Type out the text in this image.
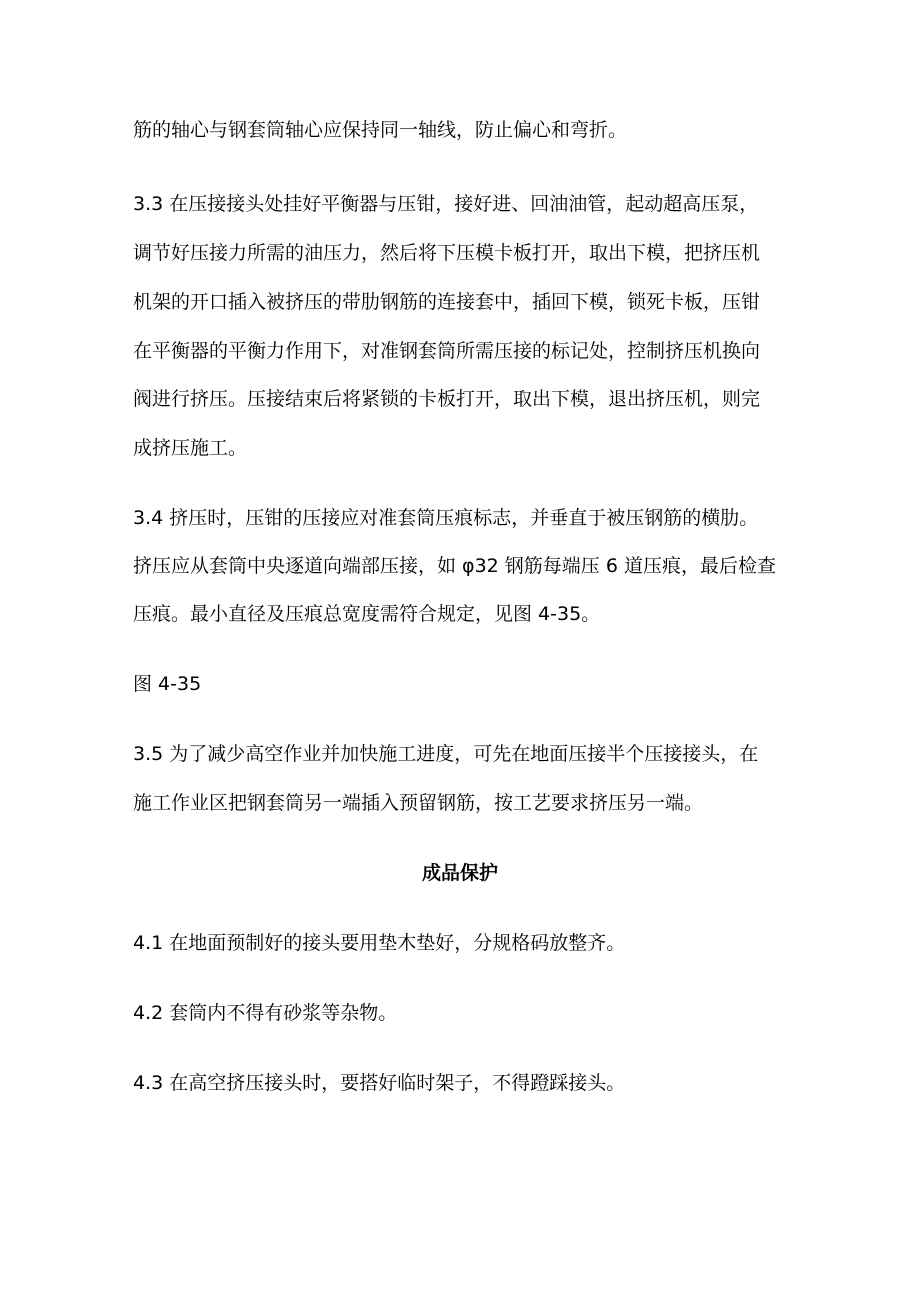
筋的轴心与钢套筒轴心应保持同一轴线，防止偏心和弯折。
3.3 在压接接头处挂好平衡器与压钳，接好进、回油油管，起动超高压泵，
调节好压接力所需的油压力，然后将下压模卡板打开，取出下模，把挤压机
机架的开口插入被挤压的带肋钢筋的连接套中，插回下模，锁死卡板，压钳
在平衡器的平衡力作用下，对准钢套筒所需压接的标记处，控制挤压机换向
阀进行挤压。压接结束后将紧锁的卡板打开，取出下模，退出挤压机，则完
成挤压施工。
3.4 挤压时，压钳的压接应对准套筒压痕标志，并垂直于被压钢筋的横肋。
挤压应从套筒中央逐道向端部压接，如 φ32 钢筋每端压 6 道压痕，最后检查
压痕。最小直径及压痕总宽度需符合规定，见图 4-35。
图 4-35
3.5 为了减少高空作业并加快施工进度，可先在地面压接半个压接接头，在
施工作业区把钢套筒另一端插入预留钢筋，按工艺要求挤压另一端。
成品保护
4.1 在地面预制好的接头要用垫木垫好，分规格码放整齐。
4.2 套筒内不得有砂浆等杂物。
4.3 在高空挤压接头时，要搭好临时架子，不得蹬踩接头。
